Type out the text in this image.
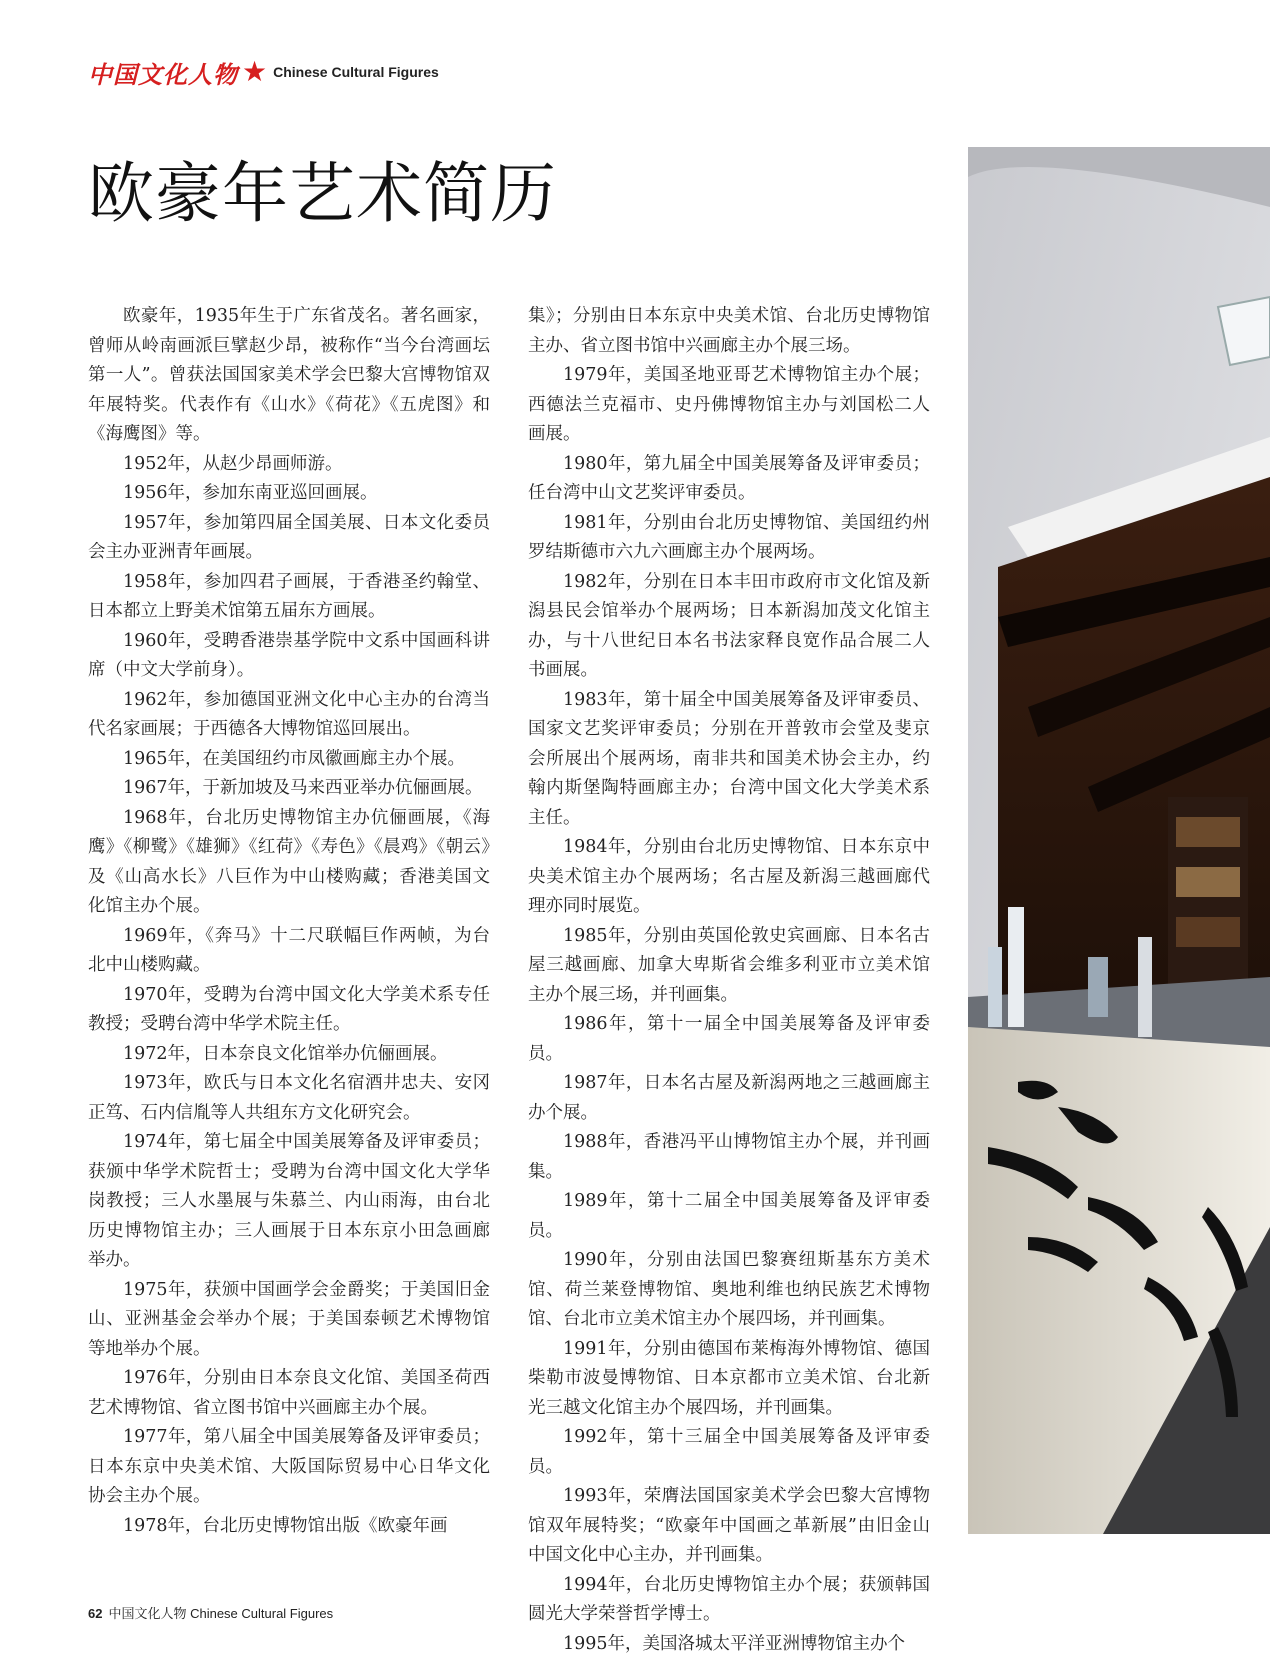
中国文化人物 ★ Chinese Cultural Figures
欧豪年艺术简历

欧豪年，1935年生于广东省茂名。著名画家，曾师从岭南画派巨擘赵少昂，被称作“当今台湾画坛第一人”。曾获法国国家美术学会巴黎大宫博物馆双年展特奖。代表作有《山水》《荷花》《五虎图》和《海鹰图》等。

1952年，从赵少昂画师游。

1956年，参加东南亚巡回画展。

1957年，参加第四届全国美展、日本文化委员会主办亚洲青年画展。

1958年，参加四君子画展，于香港圣约翰堂、日本都立上野美术馆第五届东方画展。

1960年，受聘香港崇基学院中文系中国画科讲席（中文大学前身）。

1962年，参加德国亚洲文化中心主办的台湾当代名家画展；于西德各大博物馆巡回展出。

1965年，在美国纽约市凤徽画廊主办个展。

1967年，于新加坡及马来西亚举办伉俪画展。

1968年，台北历史博物馆主办伉俪画展，《海鹰》《柳鹭》《雄狮》《红荷》《寿色》《晨鸡》《朝云》及《山高水长》八巨作为中山楼购藏；香港美国文化馆主办个展。

1969年，《奔马》十二尺联幅巨作两帧，为台北中山楼购藏。

1970年，受聘为台湾中国文化大学美术系专任教授；受聘台湾中华学术院主任。

1972年，日本奈良文化馆举办伉俪画展。

1973年，欧氏与日本文化名宿酒井忠夫、安冈正笃、石内信胤等人共组东方文化研究会。

1974年，第七届全中国美展筹备及评审委员；获颁中华学术院哲士；受聘为台湾中国文化大学华岗教授；三人水墨展与朱慕兰、内山雨海，由台北历史博物馆主办；三人画展于日本东京小田急画廊举办。

1975年，获颁中国画学会金爵奖；于美国旧金山、亚洲基金会举办个展；于美国泰顿艺术博物馆等地举办个展。

1976年，分别由日本奈良文化馆、美国圣荷西艺术博物馆、省立图书馆中兴画廊主办个展。

1977年，第八届全中国美展筹备及评审委员；日本东京中央美术馆、大阪国际贸易中心日华文化协会主办个展。

1978年，台北历史博物馆出版《欧豪年画

集》；分别由日本东京中央美术馆、台北历史博物馆主办、省立图书馆中兴画廊主办个展三场。

1979年，美国圣地亚哥艺术博物馆主办个展；西德法兰克福市、史丹佛博物馆主办与刘国松二人画展。

1980年，第九届全中国美展筹备及评审委员；任台湾中山文艺奖评审委员。

1981年，分别由台北历史博物馆、美国纽约州罗结斯德市六九六画廊主办个展两场。

1982年，分别在日本丰田市政府市文化馆及新潟县民会馆举办个展两场；日本新潟加茂文化馆主办，与十八世纪日本名书法家释良宽作品合展二人书画展。

1983年，第十届全中国美展筹备及评审委员、国家文艺奖评审委员；分别在开普敦市会堂及斐京会所展出个展两场，南非共和国美术协会主办，约翰内斯堡陶特画廊主办；台湾中国文化大学美术系主任。

1984年，分别由台北历史博物馆、日本东京中央美术馆主办个展两场；名古屋及新潟三越画廊代理亦同时展览。

1985年，分别由英国伦敦史宾画廊、日本名古屋三越画廊、加拿大卑斯省会维多利亚市立美术馆主办个展三场，并刊画集。

1986年，第十一届全中国美展筹备及评审委员。

1987年，日本名古屋及新潟两地之三越画廊主办个展。

1988年，香港冯平山博物馆主办个展，并刊画集。

1989年，第十二届全中国美展筹备及评审委员。

1990年，分别由法国巴黎赛纽斯基东方美术馆、荷兰莱登博物馆、奥地利维也纳民族艺术博物馆、台北市立美术馆主办个展四场，并刊画集。

1991年，分别由德国布莱梅海外博物馆、德国柴勒市波曼博物馆、日本京都市立美术馆、台北新光三越文化馆主办个展四场，并刊画集。

1992年，第十三届全中国美展筹备及评审委员。

1993年，荣膺法国国家美术学会巴黎大宫博物馆双年展特奖；“欧豪年中国画之革新展”由旧金山中国文化中心主办，并刊画集。

1994年，台北历史博物馆主办个展；获颁韩国圆光大学荣誉哲学博士。

1995年，美国洛城太平洋亚洲博物馆主办个

62 中国文化人物 Chinese Cultural Figures
